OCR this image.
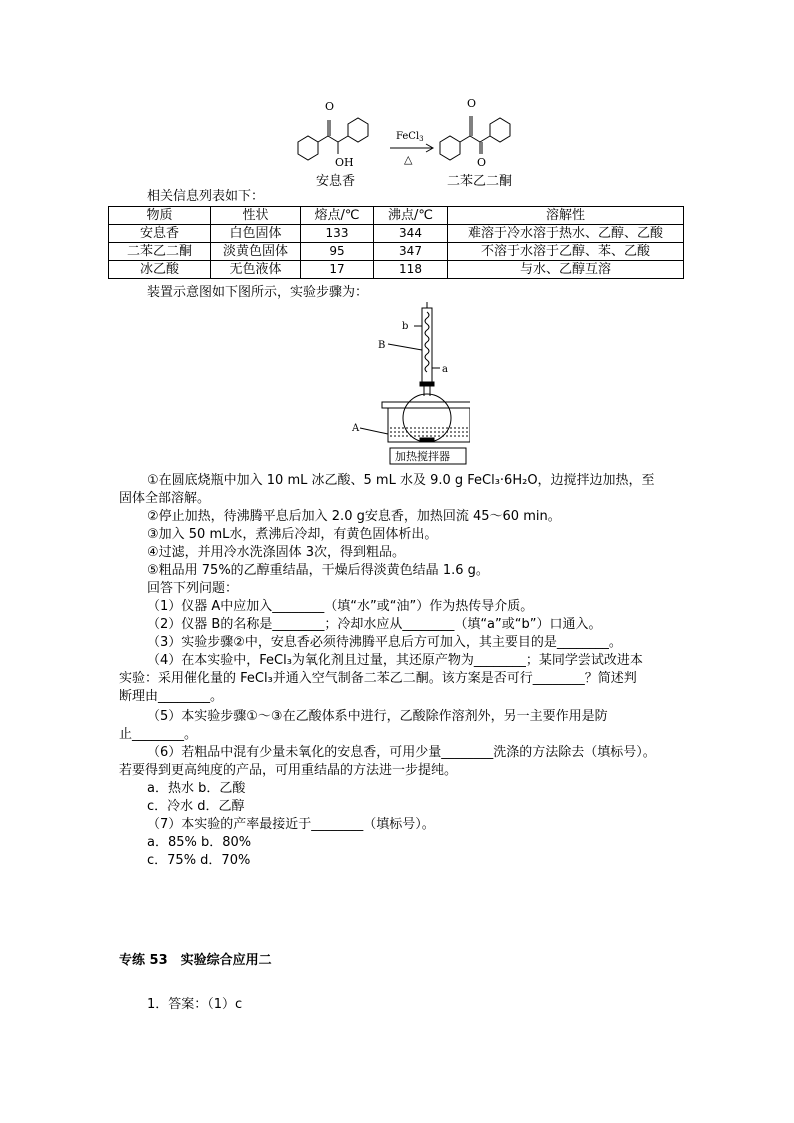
O
OH
O
O
FeCl$_3$
△
安息香	二苯乙二酮
相关信息列表如下：
物质	性状	熔点/℃	沸点/℃	溶解性
安息香	白色固体	133	344	难溶于冷水溶于热水、乙醇、乙酸
二苯乙二酮	淡黄色固体	95	347	不溶于水溶于乙醇、苯、乙酸
冰乙酸	无色液体	17	118	与水、乙醇互溶
装置示意图如下图所示，实验步骤为：
b
B
a
A
加热搅拌器
①在圆底烧瓶中加入 10 mL 冰乙酸、5 mL 水及 9.0 g FeCl₃·6H₂O，边搅拌边加热，至
固体全部溶解。
②停止加热，待沸腾平息后加入 2.0 g安息香，加热回流 45～60 min。
③加入 50 mL水，煮沸后冷却，有黄色固体析出。
④过滤，并用冷水洗涤固体 3次，得到粗品。
⑤粗品用 75%的乙醇重结晶，干燥后得淡黄色结晶 1.6 g。
回答下列问题：
（1）仪器 A中应加入________（填“水”或“油”）作为热传导介质。
（2）仪器 B的名称是________；冷却水应从________（填“a”或“b”）口通入。
（3）实验步骤②中，安息香必须待沸腾平息后方可加入，其主要目的是________。
（4）在本实验中，FeCl₃为氧化剂且过量，其还原产物为________；某同学尝试改进本
实验：采用催化量的 FeCl₃并通入空气制备二苯乙二酮。该方案是否可行________？简述判
断理由________。
（5）本实验步骤①～③在乙酸体系中进行，乙酸除作溶剂外，另一主要作用是防
止________。
（6）若粗品中混有少量未氧化的安息香，可用少量________洗涤的方法除去（填标号）。
若要得到更高纯度的产品，可用重结晶的方法进一步提纯。
a．热水 b．乙酸
c．冷水 d．乙醇
（7）本实验的产率最接近于________（填标号）。
a．85% b．80%
c．75% d．70%
专练 53　实验综合应用二
1．答案：（1）c
